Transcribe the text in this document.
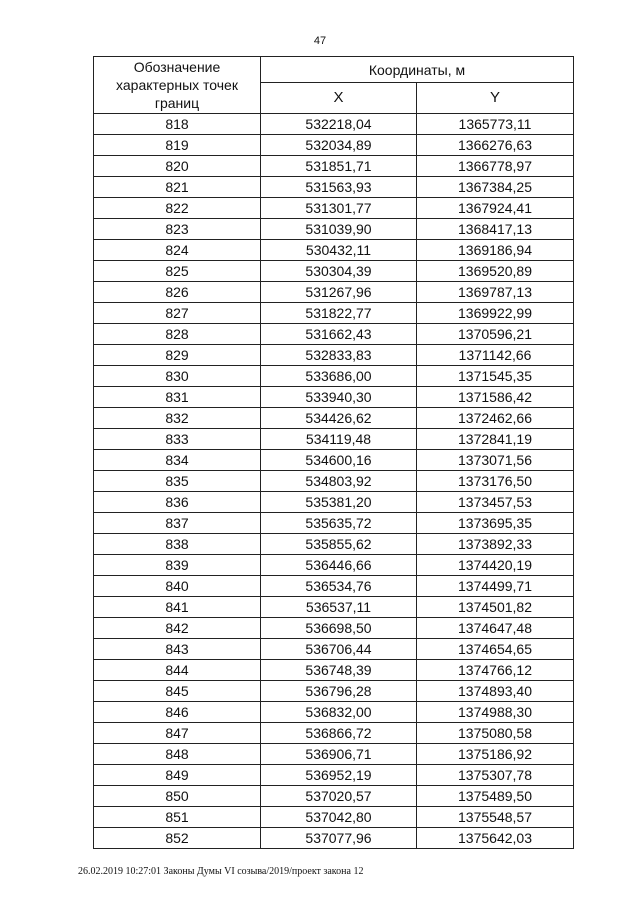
47
Обозначение характерных точек границ	Координаты, м	
	X	Y
818	532218,04	1365773,11
819	532034,89	1366276,63
820	531851,71	1366778,97
821	531563,93	1367384,25
822	531301,77	1367924,41
823	531039,90	1368417,13
824	530432,11	1369186,94
825	530304,39	1369520,89
826	531267,96	1369787,13
827	531822,77	1369922,99
828	531662,43	1370596,21
829	532833,83	1371142,66
830	533686,00	1371545,35
831	533940,30	1371586,42
832	534426,62	1372462,66
833	534119,48	1372841,19
834	534600,16	1373071,56
835	534803,92	1373176,50
836	535381,20	1373457,53
837	535635,72	1373695,35
838	535855,62	1373892,33
839	536446,66	1374420,19
840	536534,76	1374499,71
841	536537,11	1374501,82
842	536698,50	1374647,48
843	536706,44	1374654,65
844	536748,39	1374766,12
845	536796,28	1374893,40
846	536832,00	1374988,30
847	536866,72	1375080,58
848	536906,71	1375186,92
849	536952,19	1375307,78
850	537020,57	1375489,50
851	537042,80	1375548,57
852	537077,96	1375642,03
26.02.2019 10:27:01 Законы Думы VI созыва/2019/проект закона 12
